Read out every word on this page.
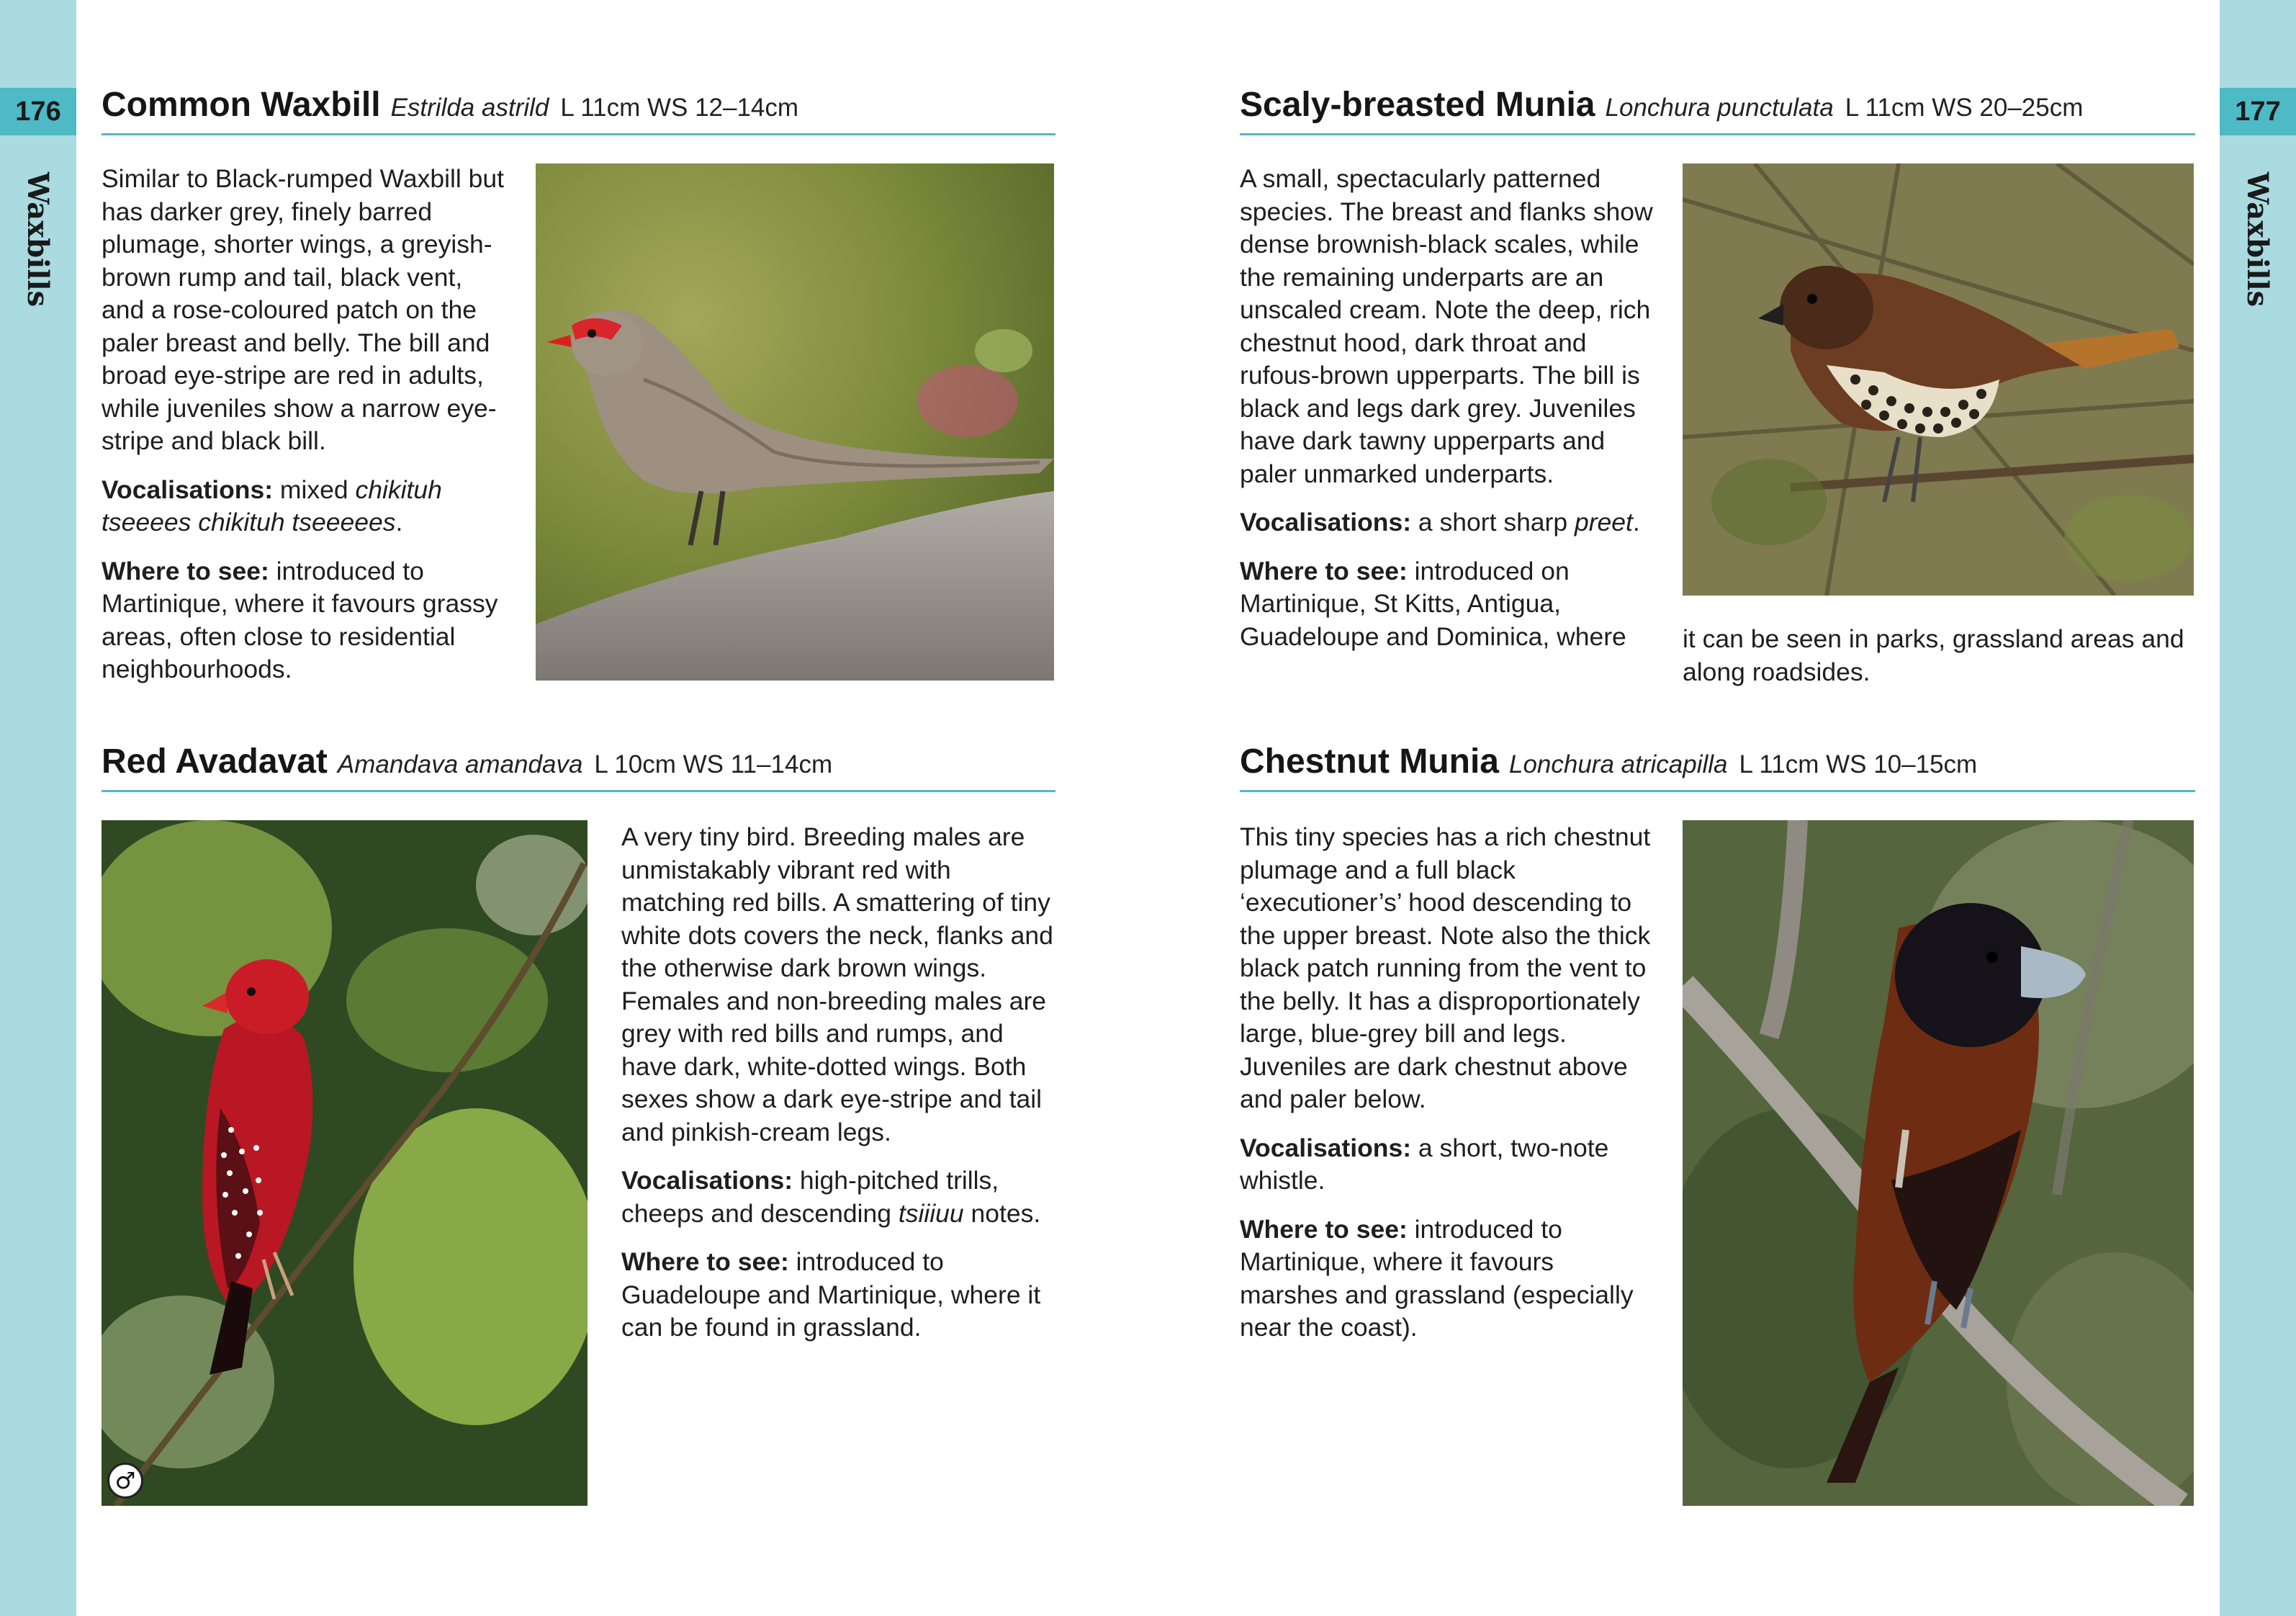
176	177
Waxbills	Waxbills
Common Waxbill Estrilda astrild L 11cm WS 12–14cm

Similar to Black-rumped Waxbill but has darker grey, finely barred plumage, shorter wings, a greyish-brown rump and tail, black vent, and a rose-coloured patch on the paler breast and belly. The bill and broad eye-stripe are red in adults, while juveniles show a narrow eye-stripe and black bill.

Vocalisations: mixed chikituh tseeees chikituh tseeeees.

Where to see: introduced to Martinique, where it favours grassy areas, often close to residential neighbourhoods.

Scaly-breasted Munia Lonchura punctulata L 11cm WS 20–25cm

A small, spectacularly patterned species. The breast and flanks show dense brownish-black scales, while the remaining underparts are an unscaled cream. Note the deep, rich chestnut hood, dark throat and rufous-brown upperparts. The bill is black and legs dark grey. Juveniles have dark tawny upperparts and paler unmarked underparts.

Vocalisations: a short sharp preet.

Where to see: introduced on Martinique, St Kitts, Antigua, Guadeloupe and Dominica, where	it can be seen in parks, grassland areas and along roadsides.

Red Avadavat Amandava amandava L 10cm WS 11–14cm
♂

A very tiny bird. Breeding males are unmistakably vibrant red with matching red bills. A smattering of tiny white dots covers the neck, flanks and the otherwise dark brown wings. Females and non-breeding males are grey with red bills and rumps, and have dark, white-dotted wings. Both sexes show a dark eye-stripe and tail and pinkish-cream legs.

Vocalisations: high-pitched trills, cheeps and descending tsiiiuu notes.

Where to see: introduced to Guadeloupe and Martinique, where it can be found in grassland.

Chestnut Munia Lonchura atricapilla L 11cm WS 10–15cm

This tiny species has a rich chestnut plumage and a full black ‘executioner’s’ hood descending to the upper breast. Note also the thick black patch running from the vent to the belly. It has a disproportionately large, blue-grey bill and legs. Juveniles are dark chestnut above and paler below.

Vocalisations: a short, two-note whistle.

Where to see: introduced to Martinique, where it favours marshes and grassland (especially near the coast).
